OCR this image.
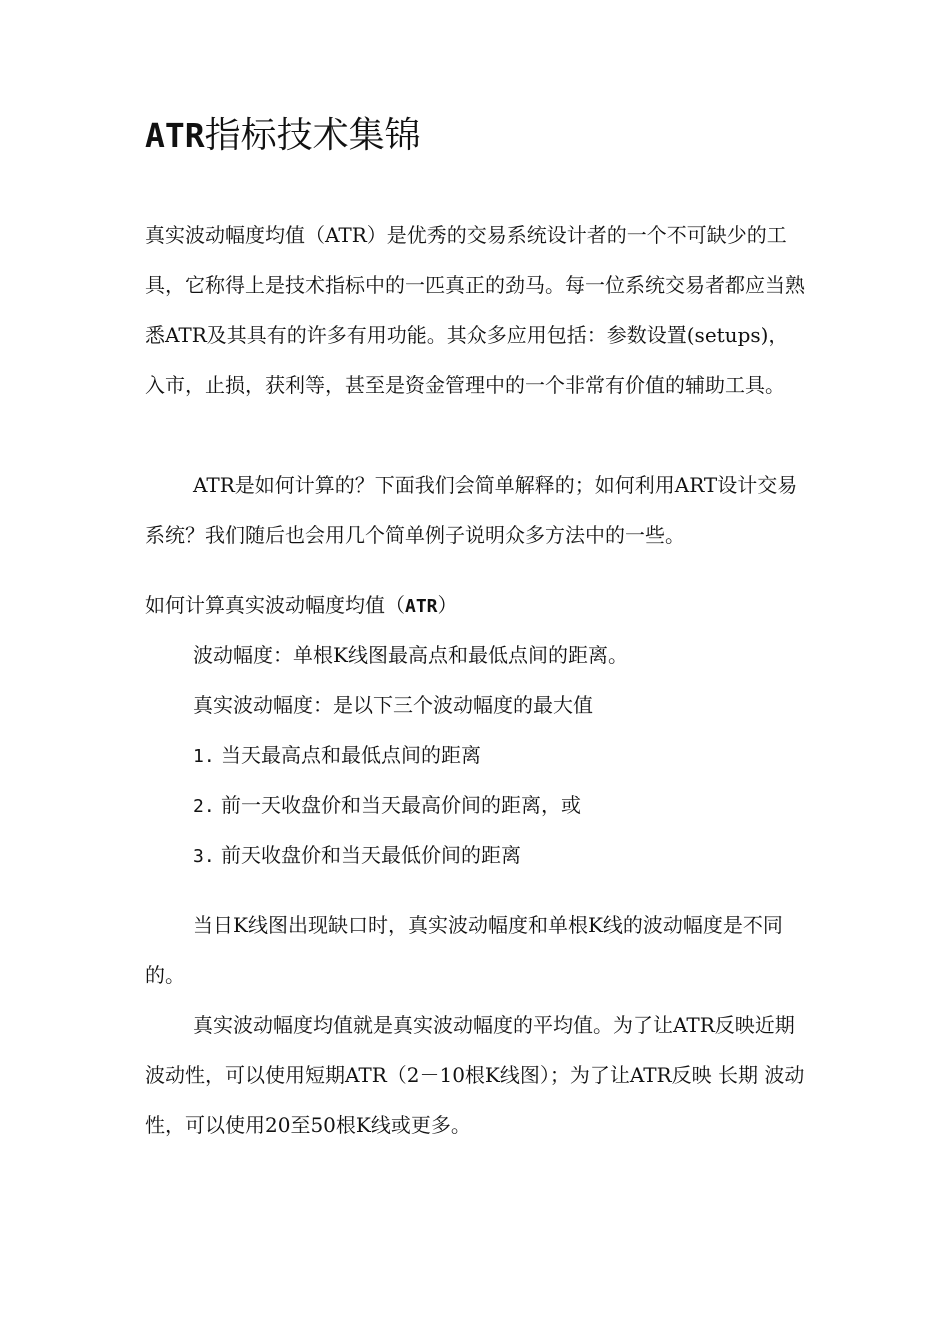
ATR指标技术集锦

真实波动幅度均值（ATR）是优秀的交易系统设计者的一个不可缺少的工具，它称得上是技术指标中的一匹真正的劲马。每一位系统交易者都应当熟悉ATR及其具有的许多有用功能。其众多应用包括：参数设置(setups)，入市，止损，获利等，甚至是资金管理中的一个非常有价值的辅助工具。

ATR是如何计算的？下面我们会简单解释的；如何利用ART设计交易系统？我们随后也会用几个简单例子说明众多方法中的一些。

如何计算真实波动幅度均值（ATR）

波动幅度：单根K线图最高点和最低点间的距离。

真实波动幅度：是以下三个波动幅度的最大值

1. 当天最高点和最低点间的距离

2. 前一天收盘价和当天最高价间的距离，或

3. 前天收盘价和当天最低价间的距离

当日K线图出现缺口时，真实波动幅度和单根K线的波动幅度是不同的。

真实波动幅度均值就是真实波动幅度的平均值。为了让ATR反映近期波动性，可以使用短期ATR（2－10根K线图）；为了让ATR反映 长期 波动性，可以使用20至50根K线或更多。
